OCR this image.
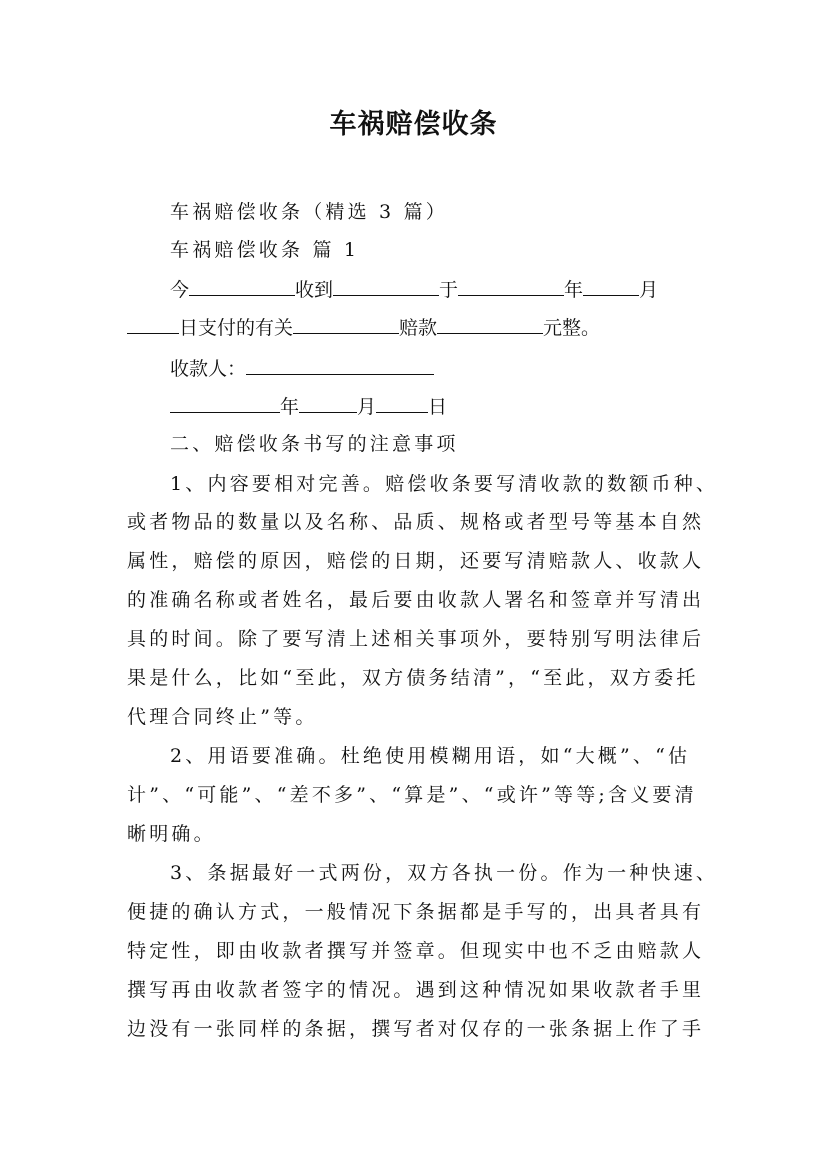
车祸赔偿收条
车祸赔偿收条（精选 3 篇）
车祸赔偿收条 篇 1
今	收到	于	年	月
日支付的有关	赔款	元整。
收款人：
年	月	日
二、赔偿收条书写的注意事项
1、内容要相对完善。赔偿收条要写清收款的数额币种、
或者物品的数量以及名称、品质、规格或者型号等基本自然
属性，赔偿的原因，赔偿的日期，还要写清赔款人、收款人
的准确名称或者姓名，最后要由收款人署名和签章并写清出
具的时间。除了要写清上述相关事项外，要特别写明法律后
果是什么，比如“至此，双方债务结清”，“至此，双方委托
代理合同终止”等。
2、用语要准确。杜绝使用模糊用语，如“大概”、“估
计”、“可能”、“差不多”、“算是”、“或许”等等;含义要清
晰明确。
3、条据最好一式两份，双方各执一份。作为一种快速、
便捷的确认方式，一般情况下条据都是手写的，出具者具有
特定性，即由收款者撰写并签章。但现实中也不乏由赔款人
撰写再由收款者签字的情况。遇到这种情况如果收款者手里
边没有一张同样的条据，撰写者对仅存的一张条据上作了手
